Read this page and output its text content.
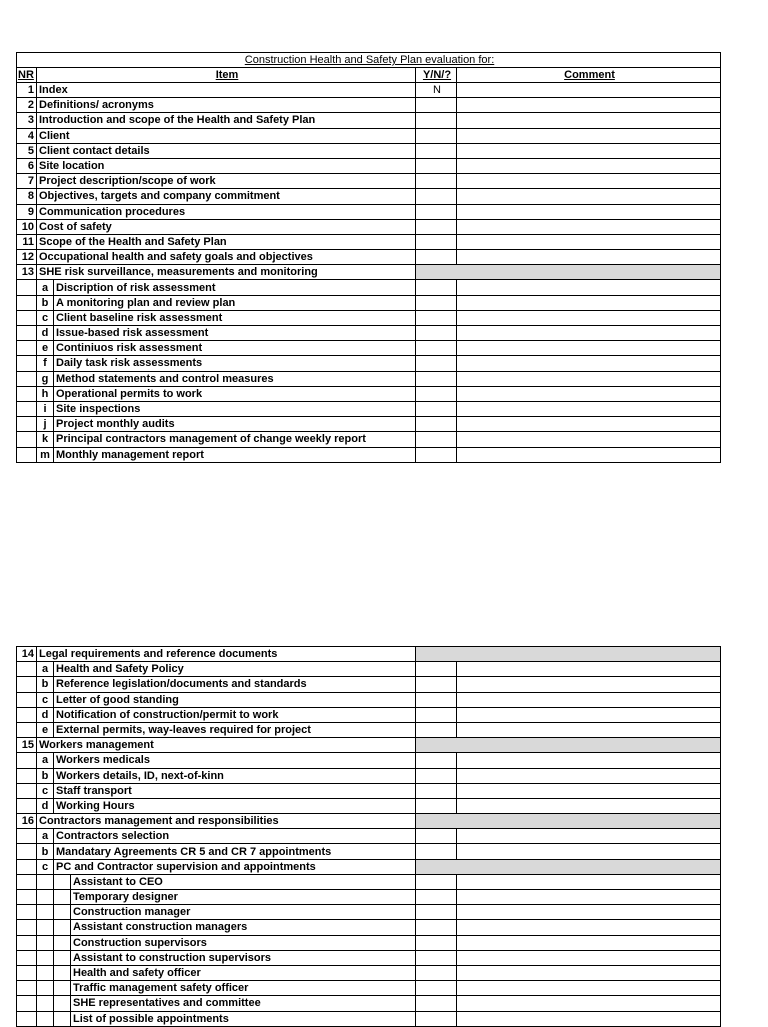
Construction Health and Safety Plan evaluation for:				
NR	Item		Y/N/?	Comment
1	Index		N	
2	Definitions/ acronyms			
3	Introduction and scope of the Health and Safety Plan			
4	Client			
5	Client contact details			
6	Site location			
7	Project description/scope of work			
8	Objectives, targets and company commitment			
9	Communication procedures			
10	Cost of safety			
11	Scope of the Health and Safety Plan			
12	Occupational health and safety goals and objectives			
13	SHE risk surveillance, measurements and monitoring			
	a	Discription of risk assessment		
	b	A monitoring plan and review plan		
	c	Client baseline risk assessment		
	d	Issue-based risk assessment		
	e	Continiuos risk assessment		
	f	Daily task risk assessments		
	g	Method statements and control measures		
	h	Operational permits to work		
	i	Site inspections		
	j	Project monthly audits		
	k	Principal contractors management of change weekly report		
	m	Monthly management report		
14	Legal requirements and reference documents				
	a	Health and Safety Policy			
	b	Reference legislation/documents and standards			
	c	Letter of good standing			
	d	Notification of construction/permit to work			
	e	External permits, way-leaves required for project			
15	Workers management				
	a	Workers medicals			
	b	Workers details, ID, next-of-kinn			
	c	Staff transport			
	d	Working Hours			
16	Contractors management and responsibilities				
	a	Contractors selection			
	b	Mandatary Agreements CR 5 and CR 7 appointments			
	c	PC and Contractor supervision and appointments			
			Assistant to CEO		
			Temporary designer		
			Construction manager		
			Assistant construction managers		
			Construction supervisors		
			Assistant to construction supervisors		
			Health and safety officer		
			Traffic management safety officer		
			SHE representatives and committee		
			List of possible appointments		
